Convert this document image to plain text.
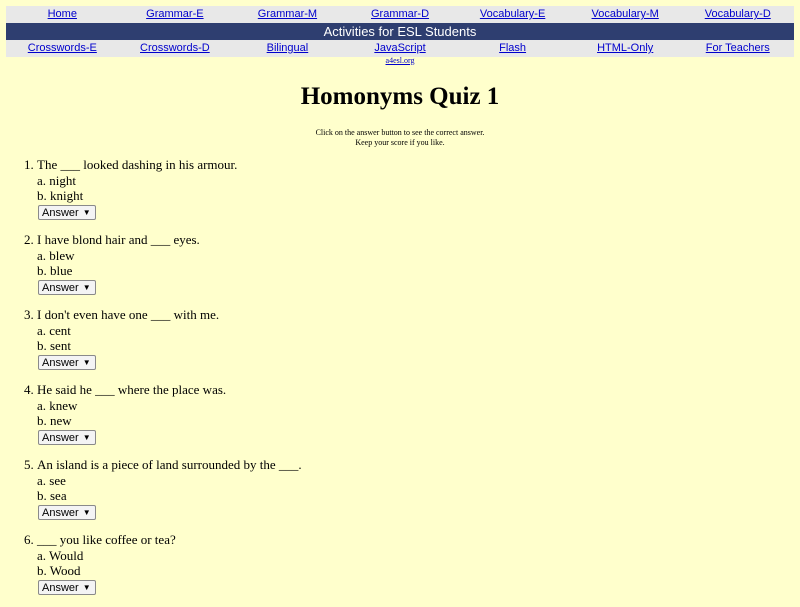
Home	Grammar-E	Grammar-M	Grammar-D	Vocabulary-E	Vocabulary-M	Vocabulary-D
Activities for ESL Students
Crosswords-E	Crosswords-D	Bilingual	JavaScript	Flash	HTML-Only	For Teachers
a4esl.org
Homonyms Quiz 1
Click on the answer button to see the correct answer.
Keep your score if you like.
1. The ___ looked dashing in his armour.
a. night
b. knight
Answer ▼
2. I have blond hair and ___ eyes.
a. blew
b. blue
Answer ▼
3. I don't even have one ___ with me.
a. cent
b. sent
Answer ▼
4. He said he ___ where the place was.
a. knew
b. new
Answer ▼
5. An island is a piece of land surrounded by the ___.
a. see
b. sea
Answer ▼
6. ___ you like coffee or tea?
a. Would
b. Wood
Answer ▼
